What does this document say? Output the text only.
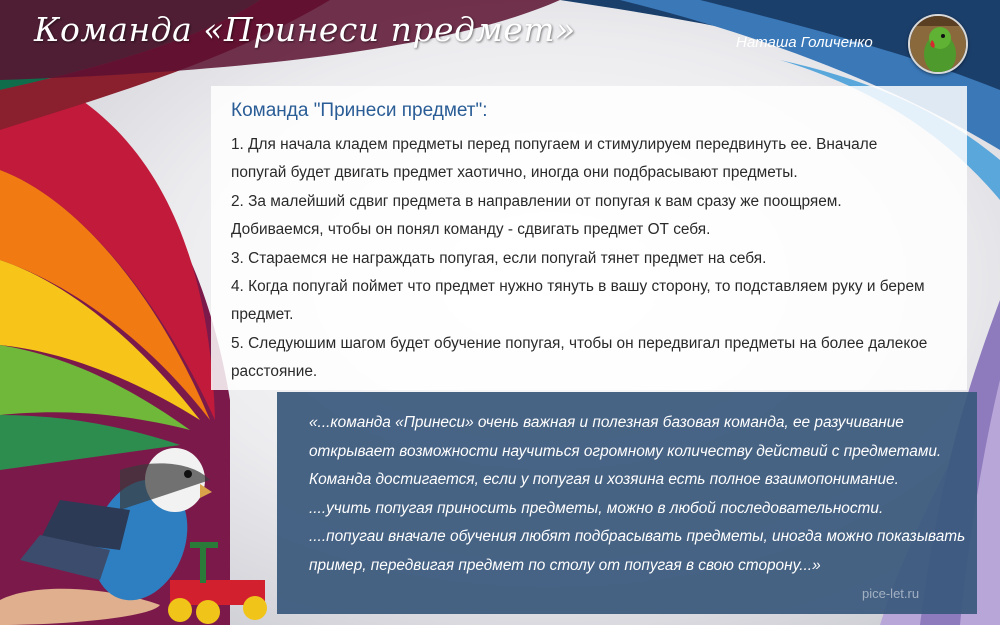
Команда «Принеси предмет»	Наташа Голиченко
Команда "Принеси предмет":

1. Для начала кладем предметы перед попугаем и стимулируем передвинуть ее. Вначале попугай будет двигать предмет хаотично, иногда они подбрасывают предметы.

2. За малейший сдвиг предмета в направлении от попугая к вам сразу же поощряем. Добиваемся, чтобы он понял команду - сдвигать предмет ОТ себя.

3. Стараемся не награждать попугая, если попугай тянет предмет на себя.

4. Когда попугай поймет что предмет нужно тянуть в вашу сторону, то подставляем руку и берем предмет.

5. Следуюшим шагом будет обучение попугая, чтобы он передвигал предметы на более далекое расстояние.

«...команда «Принеси» очень важная и полезная базовая команда, ее разучивание открывает возможности научиться огромному количеству действий с предметами. Команда достигается, если у попугая и хозяина есть полное взаимопонимание.

....учить попугая приносить предметы, можно в любой последовательности.

....попугаи вначале обучения любят подбрасывать предметы, иногда можно показывать пример, передвигая предмет по столу от попугая в свою сторону...»

pice-let.ru
